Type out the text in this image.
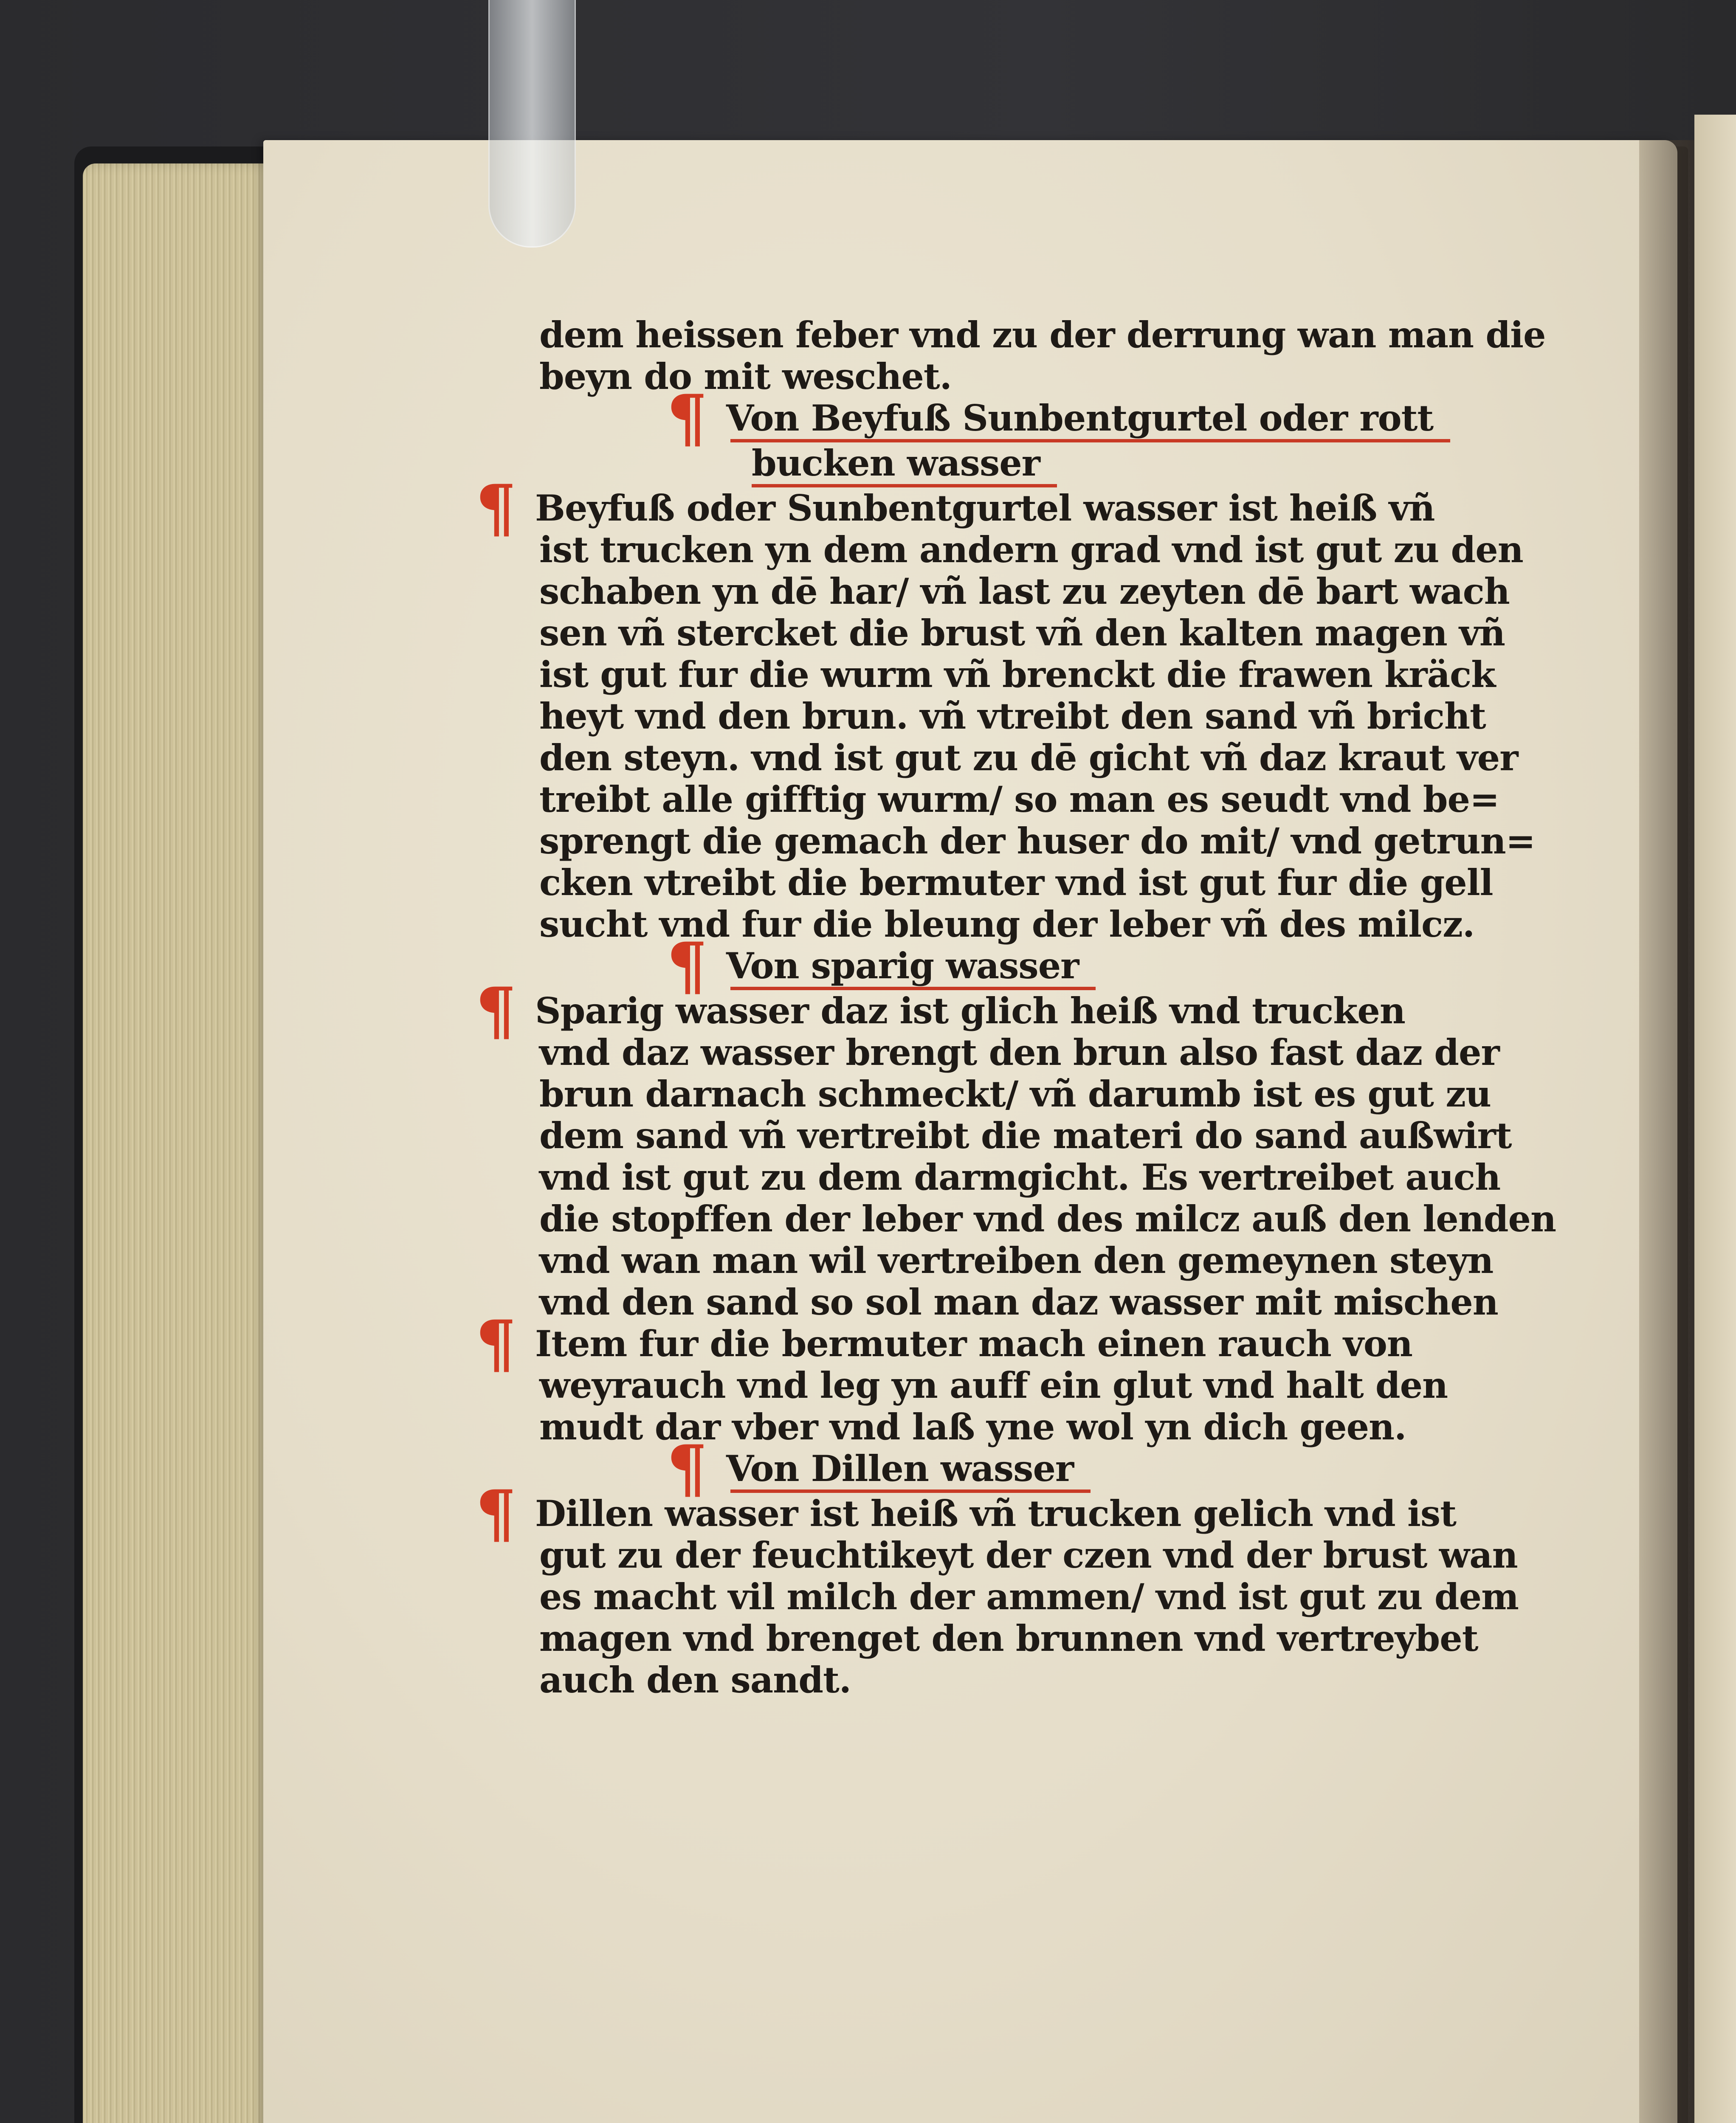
dem heissen feber vnd zu der derrung wan man die
beyn do mit weschet.
¶ Von Beyfuß Sunbentgurtel oder rott
bucken wasser
¶ Beyfuß oder Sunbentgurtel wasser ist heiß vñ
ist trucken yn dem andern grad vnd ist gut zu den
schaben yn dē har/ vñ last zu zeyten dē bart wach
sen vñ stercket die brust vñ den kalten magen vñ
ist gut fur die wurm vñ brenckt die frawen kräck
heyt vnd den brun. vñ vtreibt den sand vñ bricht
den steyn. vnd ist gut zu dē gicht vñ daz kraut ver
treibt alle gifftig wurm/ so man es seudt vnd be=
sprengt die gemach der huser do mit/ vnd getrun=
cken vtreibt die bermuter vnd ist gut fur die gell
sucht vnd fur die bleung der leber vñ des milcz.
¶ Von sparig wasser
¶ Sparig wasser daz ist glich heiß vnd trucken
vnd daz wasser brengt den brun also fast daz der
brun darnach schmeckt/ vñ darumb ist es gut zu
dem sand vñ vertreibt die materi do sand außwirt
vnd ist gut zu dem darmgicht. Es vertreibet auch
die stopffen der leber vnd des milcz auß den lenden
vnd wan man wil vertreiben den gemeynen steyn
vnd den sand so sol man daz wasser mit mischen
¶ Item fur die bermuter mach einen rauch von
weyrauch vnd leg yn auff ein glut vnd halt den
mudt dar vber vnd laß yne wol yn dich geen.
¶ Von Dillen wasser
¶ Dillen wasser ist heiß vñ trucken gelich vnd ist
gut zu der feuchtikeyt der czen vnd der brust wan
es macht vil milch der ammen/ vnd ist gut zu dem
magen vnd brenget den brunnen vnd vertreybet
auch den sandt.
